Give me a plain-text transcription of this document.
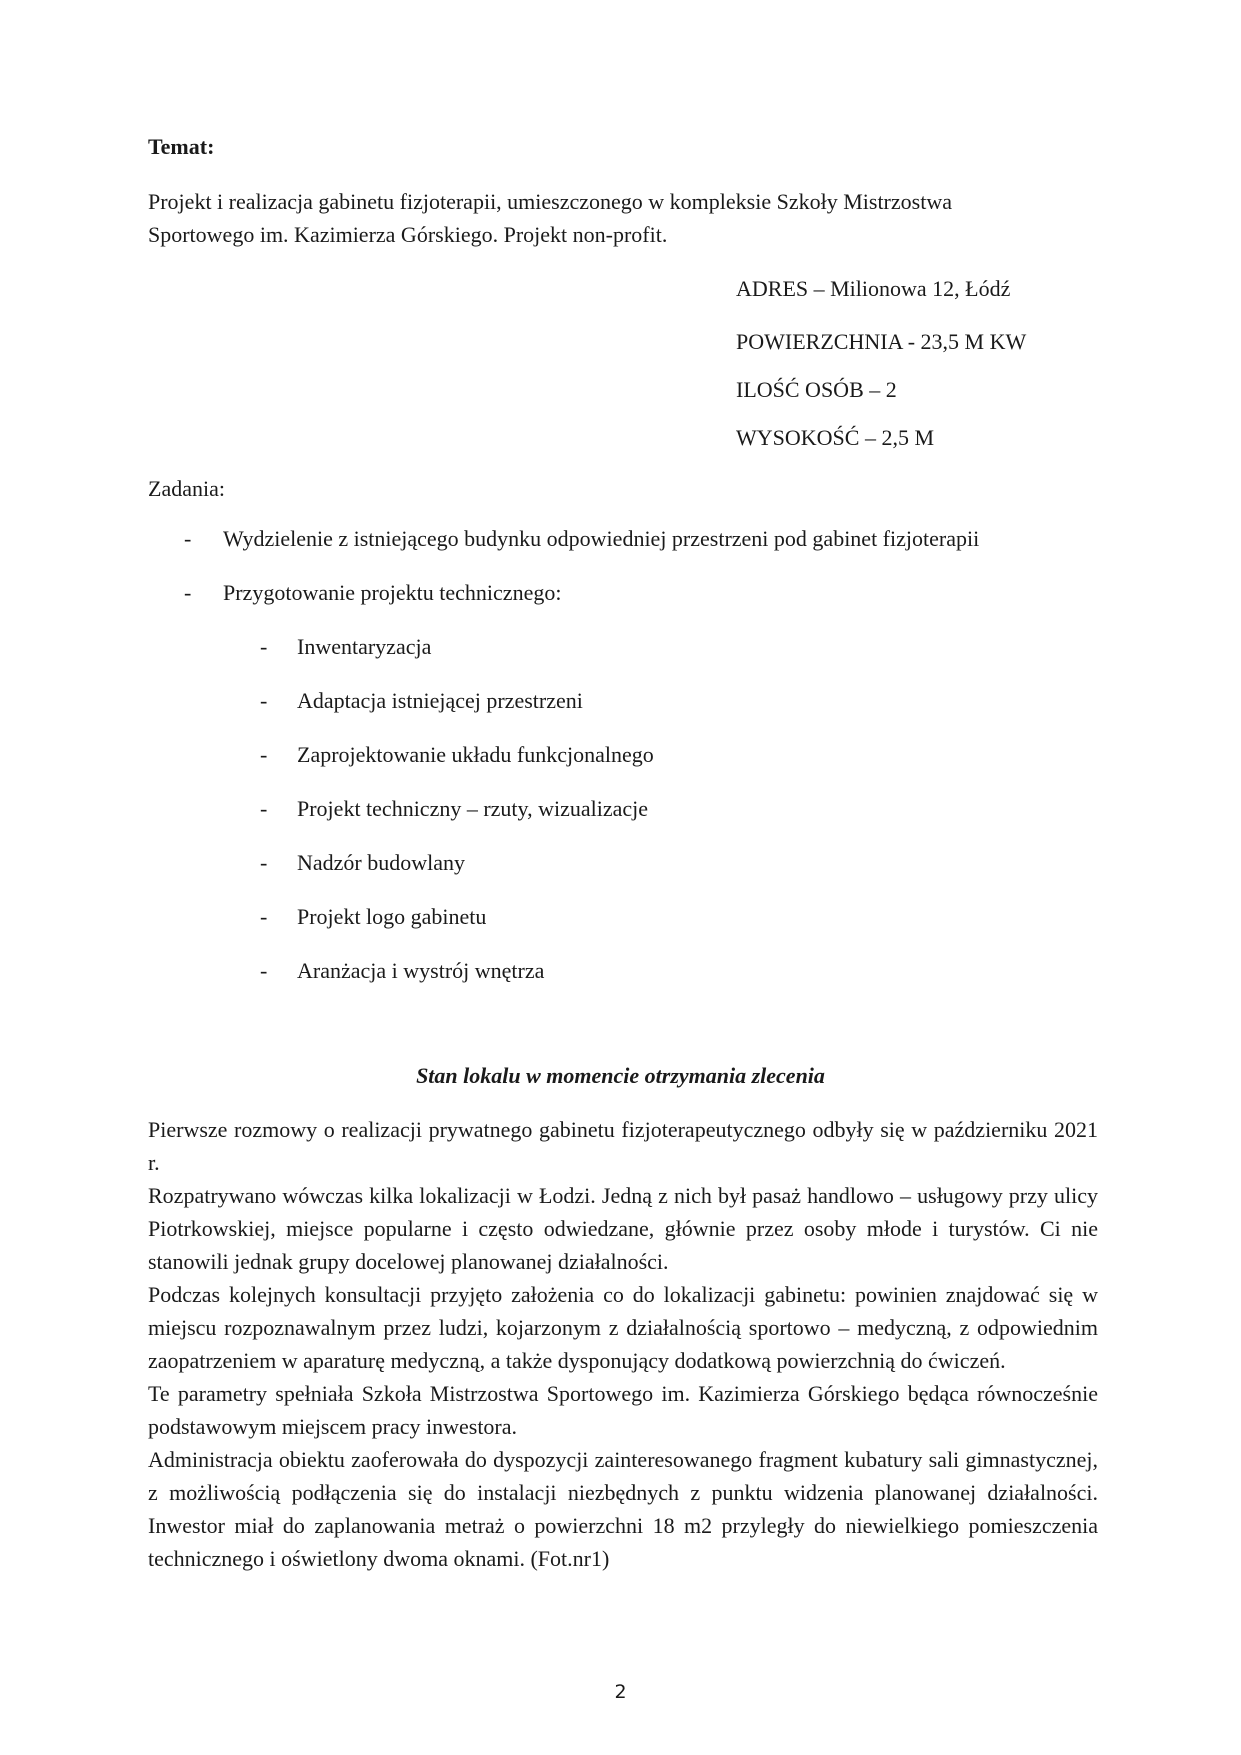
Temat:
Projekt i realizacja gabinetu fizjoterapii, umieszczonego w kompleksie Szkoły Mistrzostwa
Sportowego im. Kazimierza Górskiego. Projekt non-profit.
ADRES – Milionowa 12, Łódź
POWIERZCHNIA - 23,5 M KW
ILOŚĆ OSÓB – 2
WYSOKOŚĆ – 2,5 M
Zadania:
- Wydzielenie z istniejącego budynku odpowiedniej przestrzeni pod gabinet fizjoterapii
- Przygotowanie projektu technicznego:
- Inwentaryzacja
- Adaptacja istniejącej przestrzeni
- Zaprojektowanie układu funkcjonalnego
- Projekt techniczny – rzuty, wizualizacje
- Nadzór budowlany
- Projekt logo gabinetu
- Aranżacja i wystrój wnętrza
Stan lokalu w momencie otrzymania zlecenia

Pierwsze rozmowy o realizacji prywatnego gabinetu fizjoterapeutycznego odbyły się w październiku 2021 r.

Rozpatrywano wówczas kilka lokalizacji w Łodzi. Jedną z nich był pasaż handlowo – usługowy przy ulicy Piotrkowskiej, miejsce popularne i często odwiedzane, głównie przez osoby młode i turystów. Ci nie stanowili jednak grupy docelowej planowanej działalności.

Podczas kolejnych konsultacji przyjęto założenia co do lokalizacji gabinetu: powinien znajdować się w miejscu rozpoznawalnym przez ludzi, kojarzonym z działalnością sportowo – medyczną, z odpowiednim zaopatrzeniem w aparaturę medyczną, a także dysponujący dodatkową powierzchnią do ćwiczeń.

Te parametry spełniała Szkoła Mistrzostwa Sportowego im. Kazimierza Górskiego będąca równocześnie podstawowym miejscem pracy inwestora.

Administracja obiektu zaoferowała do dyspozycji zainteresowanego fragment kubatury sali gimnastycznej, z możliwością podłączenia się do instalacji niezbędnych z punktu widzenia planowanej działalności. Inwestor miał do zaplanowania metraż o powierzchni 18 m2 przyległy do niewielkiego pomieszczenia technicznego i oświetlony dwoma oknami. (Fot.nr1)

2
